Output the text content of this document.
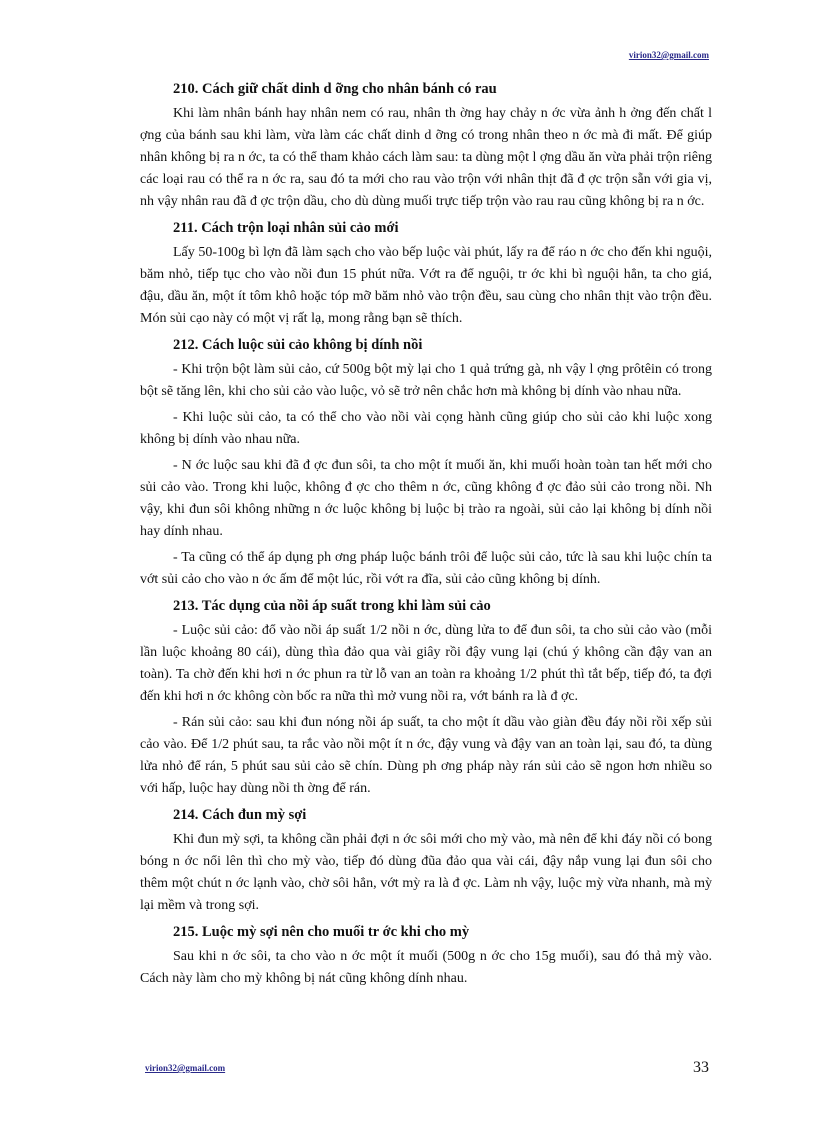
virion32@gmail.com
210. Cách giữ chất dinh d ỡng cho nhân bánh có rau

Khi làm nhân bánh hay nhân nem có rau, nhân th ờng hay chảy n ớc vừa ảnh h ởng đến chất l ợng của bánh sau khi làm, vừa làm các chất dinh d ỡng có trong nhân theo n ớc mà đi mất. Để giúp nhân không bị ra n ớc, ta có thể tham khảo cách làm sau: ta dùng một l ợng dầu ăn vừa phải trộn riêng các loại rau có thể ra n ớc ra, sau đó ta mới cho rau vào trộn với nhân thịt đã đ ợc trộn sẵn với gia vị, nh vậy nhân rau đã đ ợc trộn dầu, cho dù dùng muối trực tiếp trộn vào rau rau cũng không bị ra n ớc.

211. Cách trộn loại nhân sủi cảo mới

Lấy 50-100g bì lợn đã làm sạch cho vào bếp luộc vài phút, lấy ra để ráo n ớc cho đến khi nguội, băm nhỏ, tiếp tục cho vào nồi đun 15 phút nữa. Vớt ra để nguội, tr ớc khi bì nguội hẳn, ta cho giá, đậu, dầu ăn, một ít tôm khô hoặc tóp mỡ băm nhỏ vào trộn đều, sau cùng cho nhân thịt vào trộn đều. Món sủi cạo này có một vị rất lạ, mong rằng bạn sẽ thích.

212. Cách luộc sủi cảo không bị dính nồi

- Khi trộn bột làm sủi cảo, cứ 500g bột mỳ lại cho 1 quả trứng gà, nh vậy l ợng prôtêin có trong bột sẽ tăng lên, khi cho sủi cảo vào luộc, vỏ sẽ trở nên chắc hơn mà không bị dính vào nhau nữa.

- Khi luộc sủi cảo, ta có thể cho vào nồi vài cọng hành cũng giúp cho sủi cảo khi luộc xong không bị dính vào nhau nữa.

- N ớc luộc sau khi đã đ ợc đun sôi, ta cho một ít muối ăn, khi muối hoàn toàn tan hết mới cho sủi cảo vào. Trong khi luộc, không đ ợc cho thêm n ớc, cũng không đ ợc đảo sủi cảo trong nồi. Nh vậy, khi đun sôi không những n ớc luộc không bị luộc bị trào ra ngoài, sủi cảo lại không bị dính nồi hay dính nhau.

- Ta cũng có thể áp dụng ph ơng pháp luộc bánh trôi để luộc sủi cảo, tức là sau khi luộc chín ta vớt sủi cảo cho vào n ớc ấm để một lúc, rồi vớt ra đĩa, sủi cảo cũng không bị dính.

213. Tác dụng của nồi áp suất trong khi làm sủi cảo

- Luộc sủi cảo: đổ vào nồi áp suất 1/2 nồi n ớc, dùng lửa to để đun sôi, ta cho sủi cảo vào (mỗi lần luộc khoảng 80 cái), dùng thìa đảo qua vài giây rồi đậy vung lại (chú ý không cần đậy van an toàn). Ta chờ đến khi hơi n ớc phun ra từ lỗ van an toàn ra khoảng 1/2 phút thì tắt bếp, tiếp đó, ta đợi đến khi hơi n ớc không còn bốc ra nữa thì mở vung nồi ra, vớt bánh ra là đ ợc.

- Rán sủi cảo: sau khi đun nóng nồi áp suất, ta cho một ít dầu vào giàn đều đáy nồi rồi xếp sủi cảo vào. Để 1/2 phút sau, ta rắc vào nồi một ít n ớc, đậy vung và đậy van an toàn lại, sau đó, ta dùng lửa nhỏ để rán, 5 phút sau sủi cảo sẽ chín. Dùng ph ơng pháp này rán sủi cảo sẽ ngon hơn nhiều so với hấp, luộc hay dùng nồi th ờng để rán.

214. Cách đun mỳ sợi

Khi đun mỳ sợi, ta không cần phải đợi n ớc sôi mới cho mỳ vào, mà nên để khi đáy nồi có bong bóng n ớc nổi lên thì cho mỳ vào, tiếp đó dùng đũa đảo qua vài cái, đậy nắp vung lại đun sôi cho thêm một chút n ớc lạnh vào, chờ sôi hẳn, vớt mỳ ra là đ ợc. Làm nh vậy, luộc mỳ vừa nhanh, mà mỳ lại mềm và trong sợi.

215. Luộc mỳ sợi nên cho muối tr ớc khi cho mỳ

Sau khi n ớc sôi, ta cho vào n ớc một ít muối (500g n ớc cho 15g muối), sau đó thả mỳ vào. Cách này làm cho mỳ không bị nát cũng không dính nhau.

virion32@gmail.com	33
